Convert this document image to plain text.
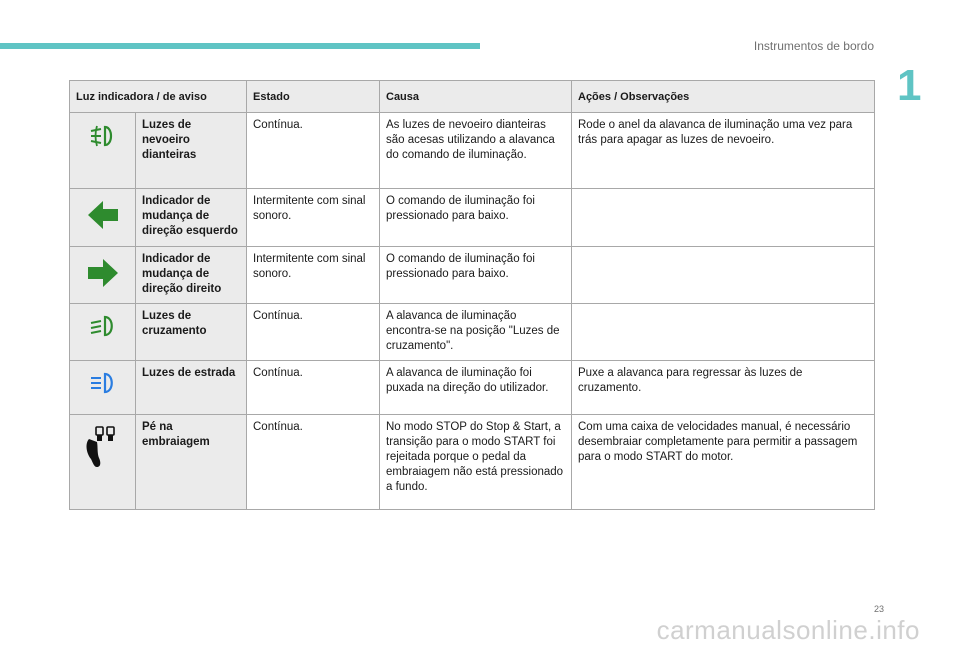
Instrumentos de bordo
1
Luz indicadora / de aviso		Estado	Causa	Ações / Observações
	Luzes de nevoeiro dianteiras	Contínua.	As luzes de nevoeiro dianteiras são acesas utilizando a alavanca do comando de iluminação.	Rode o anel da alavanca de iluminação uma vez para trás para apagar as luzes de nevoeiro.
	Indicador de mudança de direção esquerdo	Intermitente com sinal sonoro.	O comando de iluminação foi pressionado para baixo.	
	Indicador de mudança de direção direito	Intermitente com sinal sonoro.	O comando de iluminação foi pressionado para baixo.	
	Luzes de cruzamento	Contínua.	A alavanca de iluminação encontra-se na posição "Luzes de cruzamento".	
	Luzes de estrada	Contínua.	A alavanca de iluminação foi puxada na direção do utilizador.	Puxe a alavanca para regressar às luzes de cruzamento.
	Pé na embraiagem	Contínua.	No modo STOP do Stop & Start, a transição para o modo START foi rejeitada porque o pedal da embraiagem não está pressionado a fundo.	Com uma caixa de velocidades manual, é necessário desembraiar completamente para permitir a passagem para o modo START do motor.
23
carmanualsonline.info
